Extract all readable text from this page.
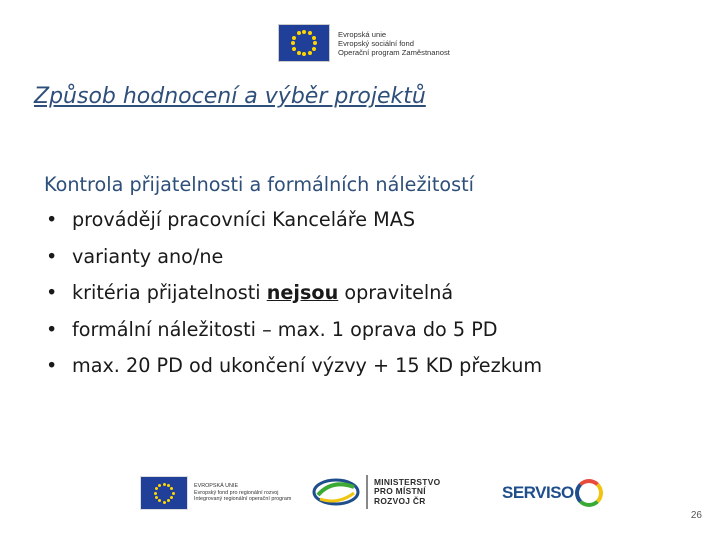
Evropská unie
Evropský sociální fond
Operační program Zaměstnanost
Způsob hodnocení a výběr projektů
Kontrola přijatelnosti a formálních náležitostí
• provádějí pracovníci Kanceláře MAS
• varianty ano/ne
• kritéria přijatelnosti nejsou opravitelná
• formální náležitosti – max. 1 oprava do 5 PD
• max. 20 PD od ukončení výzvy + 15 KD přezkum
EVROPSKÁ UNIE
Evropský fond pro regionální rozvoj
Integrovaný regionální operační program
MINISTERSTVO
PRO MÍSTNÍ
ROZVOJ ČR	SERVISO
26
